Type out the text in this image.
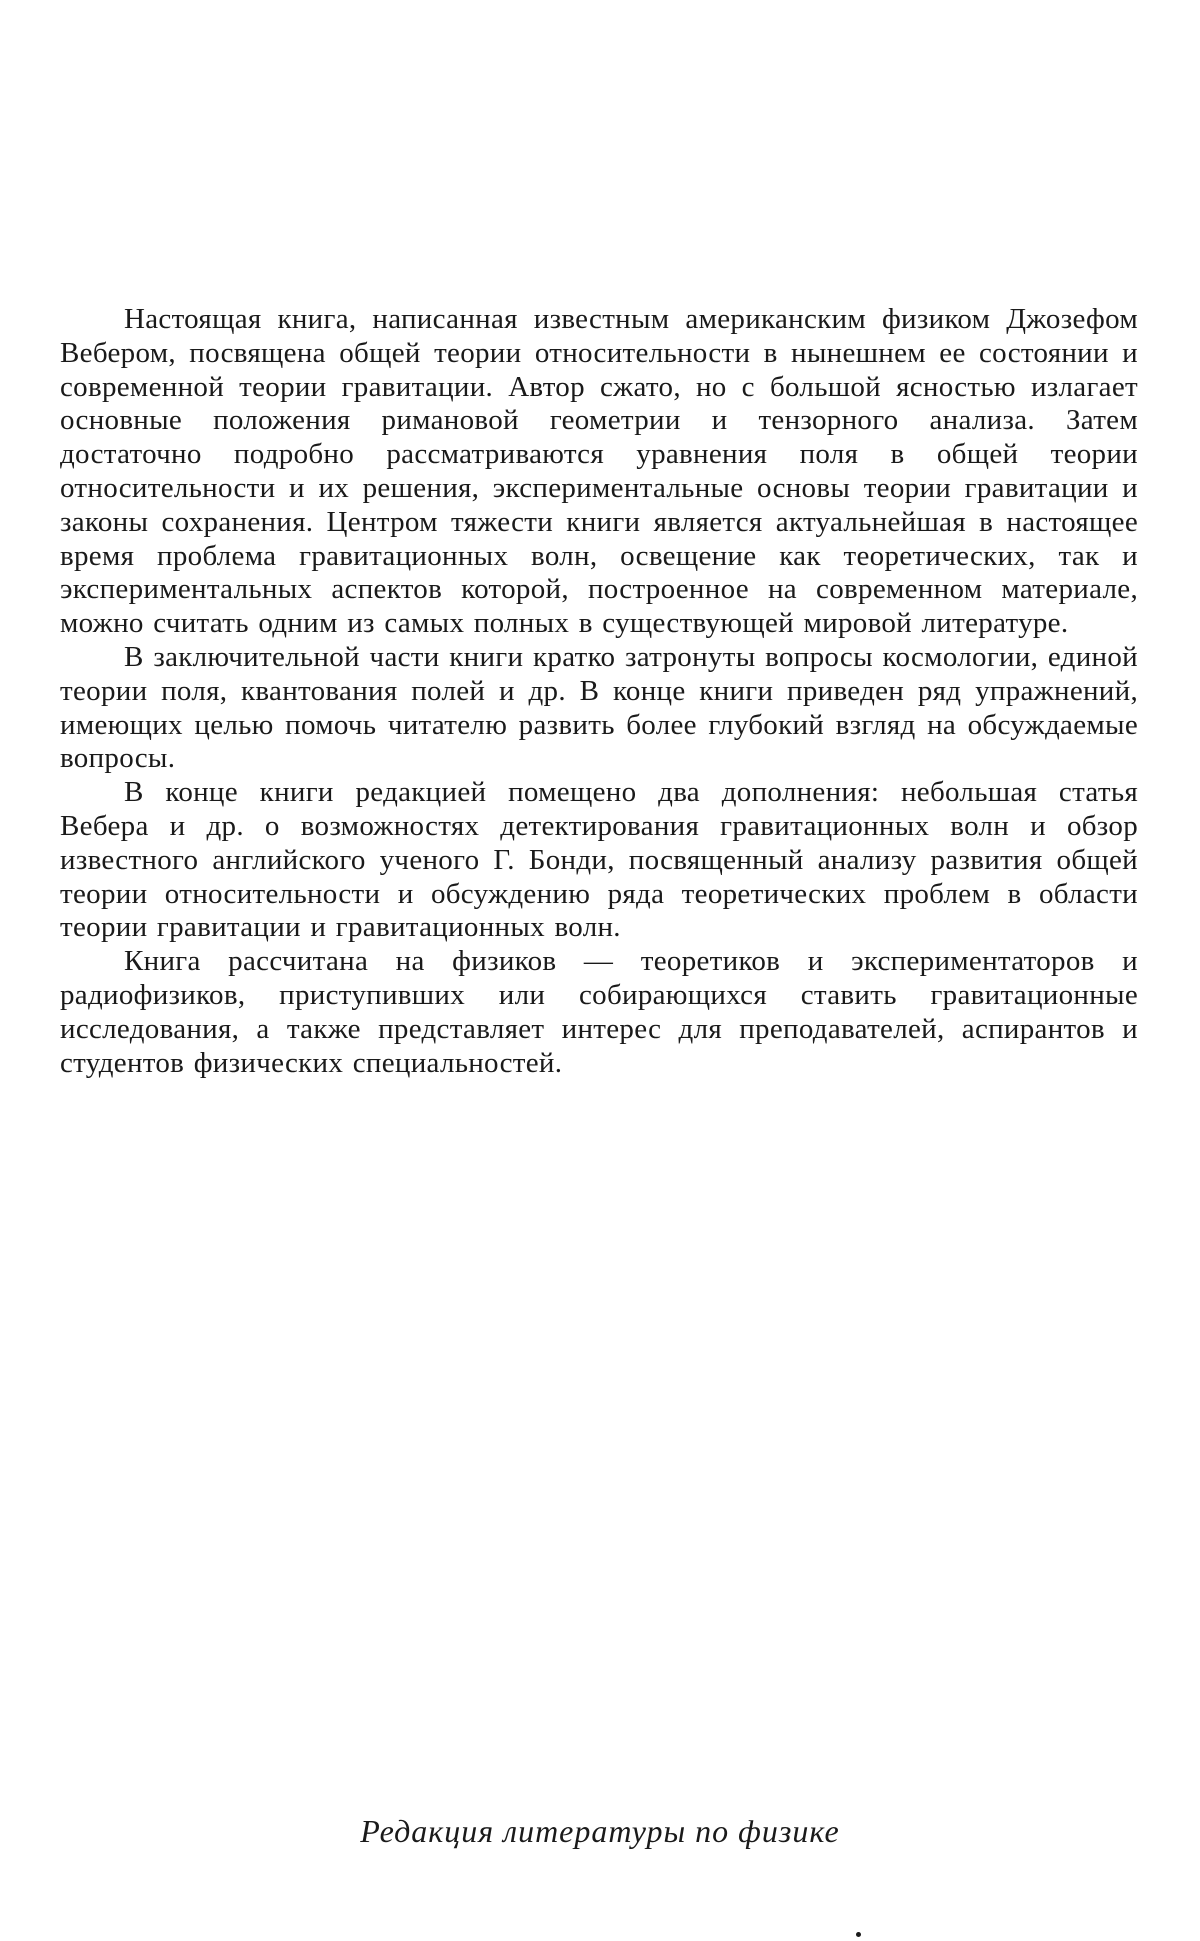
Настоящая книга, написанная известным американским физиком Джозефом Вебером, посвящена общей теории относительности в нынешнем ее состоянии и современной теории гравитации. Автор сжато, но с большой ясностью излагает основные положения римановой геометрии и тензорного анализа. Затем достаточно подробно рассматриваются уравнения поля в общей теории относительности и их решения, экспериментальные основы теории гравитации и законы сохранения. Центром тяжести книги является актуальнейшая в настоящее время проблема гравитационных волн, освещение как теоретических, так и экспериментальных аспектов которой, построенное на современном материале, можно считать одним из самых полных в существующей мировой литературе.

В заключительной части книги кратко затронуты вопросы космологии, единой теории поля, квантования полей и др. В конце книги приведен ряд упражнений, имеющих целью помочь читателю развить более глубокий взгляд на обсуждаемые вопросы.

В конце книги редакцией помещено два дополнения: небольшая статья Вебера и др. о возможностях детектирования гравитационных волн и обзор известного английского ученого Г. Бонди, посвященный анализу развития общей теории относительности и обсуждению ряда теоретических проблем в области теории гравитации и гравитационных волн.

Книга рассчитана на физиков — теоретиков и экспериментаторов и радиофизиков, приступивших или собирающихся ставить гравитационные исследования, а также представляет интерес для преподавателей, аспирантов и студентов физических специальностей.

Редакция литературы по физике
